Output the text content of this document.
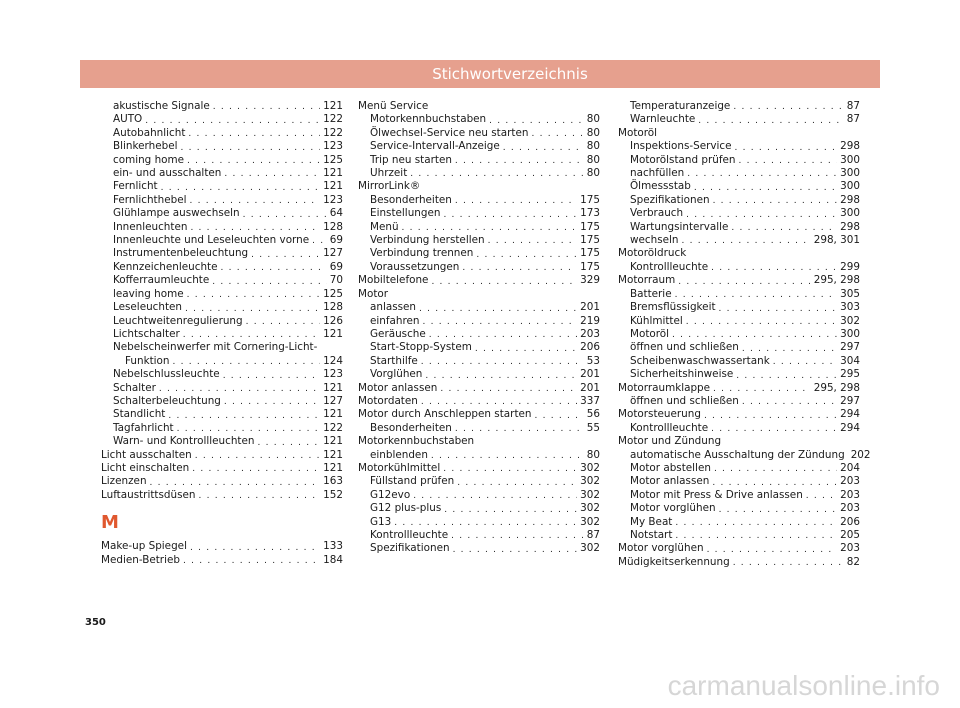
Stichwortverzeichnis
akustische Signale . . .	121
AUTO . . .	122
Autobahnlicht . . .	122
Blinkerhebel . . .	123
coming home . . .	125
ein- und ausschalten . . .	121
Fernlicht . . .	121
Fernlichthebel . . .	123
Glühlampe auswechseln . . .	64
Innenleuchten . . .	128
Innenleuchte und Leseleuchten vorne . . . 69
Instrumentenbeleuchtung . . .	127
Kennzeichenleuchte . . .	69
Kofferraumleuchte . . .	70
leaving home . . .	125
Leseleuchten . . .	128
Leuchtweitenregulierung . . .	126
Lichtschalter . . .	121
Nebelscheinwerfer mit Cornering-Licht-
Funktion . . .	124
Nebelschlussleuchte . . .	123
Schalter . . .	121
Schalterbeleuchtung . . .	127
Standlicht . . .	121
Tagfahrlicht . . .	122
Warn- und Kontrollleuchten . . .	121
Licht ausschalten . . .	121
Licht einschalten . . .	121
Lizenzen . . .	163
Luftaustrittsdüsen . . .	152
M
Make-up Spiegel . . .	133
Medien-Betrieb . . .	184
Menü Service
Motorkennbuchstaben . . .	80
Ölwechsel-Service neu starten . . .	80
Service-Intervall-Anzeige . . .	80
Trip neu starten . . .	80
Uhrzeit . . .	80
MirrorLink®
Besonderheiten . . .	175
Einstellungen . . .	173
Menü . . .	175
Verbindung herstellen . . .	175
Verbindung trennen . . .	175
Voraussetzungen . . .	175
Mobiltelefone . . .	329
Motor
anlassen . . .	201
einfahren . . .	219
Geräusche . . .	203
Start-Stopp-System . . .	206
Starthilfe . . .	53
Vorglühen . . .	201
Motor anlassen . . .	201
Motordaten . . .	337
Motor durch Anschleppen starten . . .	56
Besonderheiten . . .	55
Motorkennbuchstaben
einblenden . . .	80
Motorkühlmittel . . .	302
Füllstand prüfen . . .	302
G12evo . . .	302
G12 plus-plus . . .	302
G13 . . .	302
Kontrollleuchte . . .	87
Spezifikationen . . .	302
Temperaturanzeige . . .	87
Warnleuchte . . .	87
Motoröl
Inspektions-Service . . .	298
Motorölstand prüfen . . .	300
nachfüllen . . .	300
Ölmessstab . . .	300
Spezifikationen . . .	298
Verbrauch . . .	300
Wartungsintervalle . . .	298
wechseln . . .	298, 301
Motoröldruck
Kontrollleuchte . . .	299
Motorraum . . .	295, 298
Batterie . . .	305
Bremsflüssigkeit . . .	303
Kühlmittel . . .	302
Motoröl . . .	300
öffnen und schließen . . .	297
Scheibenwaschwassertank . . .	304
Sicherheitshinweise . . .	295
Motorraumklappe . . .	295, 298
öffnen und schließen . . .	297
Motorsteuerung . . .	294
Kontrollleuchte . . .	294
Motor und Zündung
automatische Ausschaltung der Zündung 202
Motor abstellen . . .	204
Motor anlassen . . .	203
Motor mit Press & Drive anlassen . . .	203
Motor vorglühen . . .	203
My Beat . . .	206
Notstart . . .	205
Motor vorglühen . . .	203
Müdigkeitserkennung . . .	82
350
carmanualsonline.info
